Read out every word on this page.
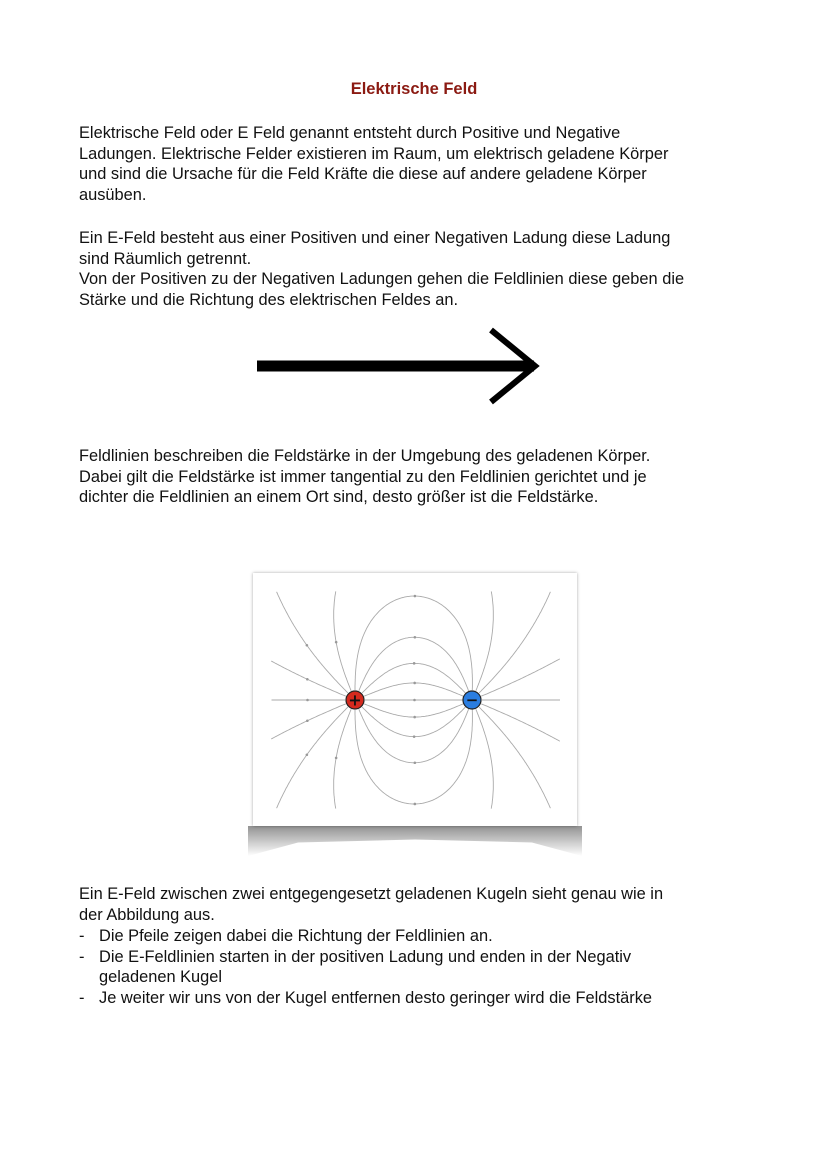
Elektrische Feld
Elektrische Feld oder E Feld genannt entsteht durch Positive und Negative
Ladungen. Elektrische Felder existieren im Raum, um elektrisch geladene Körper
und sind die Ursache für die Feld Kräfte die diese auf andere geladene Körper
ausüben.
Ein E-Feld besteht aus einer Positiven und einer Negativen Ladung diese Ladung
sind Räumlich getrennt.
Von der Positiven zu der Negativen Ladungen gehen die Feldlinien diese geben die
Stärke und die Richtung des elektrischen Feldes an.
Feldlinien beschreiben die Feldstärke in der Umgebung des geladenen Körper.
Dabei gilt die Feldstärke ist immer tangential zu den Feldlinien gerichtet und je
dichter die Feldlinien an einem Ort sind, desto größer ist die Feldstärke.
+	−
Ein E-Feld zwischen zwei entgegengesetzt geladenen Kugeln sieht genau wie in
der Abbildung aus.
- Die Pfeile zeigen dabei die Richtung der Feldlinien an.
- Die E-Feldlinien starten in der positiven Ladung und enden in der Negativ
geladenen Kugel
- Je weiter wir uns von der Kugel entfernen desto geringer wird die Feldstärke
